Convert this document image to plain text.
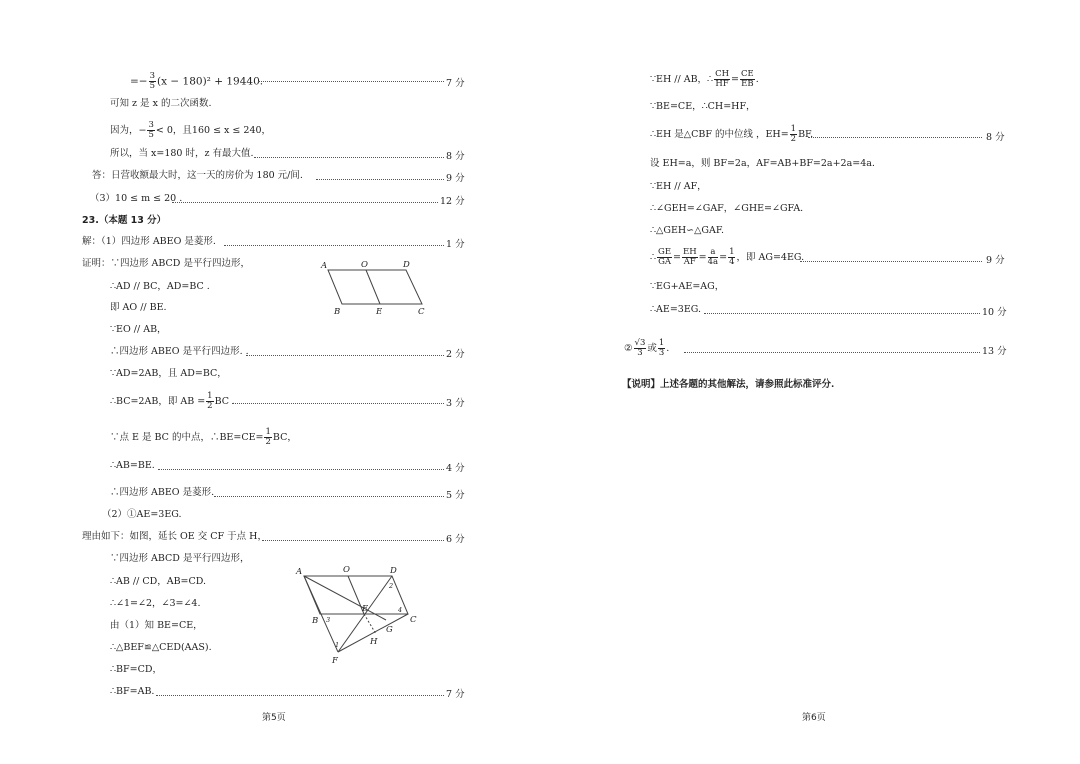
=− $\frac{3}{5} (x - 180)^2 + 19440$.	7 分
可知 z 是 x 的二次函数.
因为，− $\frac{3}{5} < 0$，且160 ≤ x ≤ 240，
所以，当 x=180 时，z 有最大值.	8 分
答：日营收额最大时，这一天的房价为 180 元/间.	9 分
（3）10 ≤ m ≤ 20 .	12 分
23.（本题 13 分）
解：（1）四边形 ABEO 是菱形.	1 分
证明：∵四边形 ABCD 是平行四边形，
∴AD // BC，AD=BC .
即 AO // BE.
∵EO // AB，
∴四边形 ABEO 是平行四边形. .	2 分
∵AD=2AB，且 AD=BC，
∴BC=2AB，即 AB = $\frac{1}{2}$ BC .	3 分
∵点 E 是 BC 的中点，∴BE=CE= $\frac{1}{2}$ BC，
∴AB=BE.	4 分
∴四边形 ABEO 是菱形.	5 分
（2）①AE=3EG.
理由如下：如图，延长 OE 交 CF 于点 H，	6 分
∵四边形 ABCD 是平行四边形，
∴AB // CD，AB=CD.
∴∠1=∠2，∠3=∠4.
由（1）知 BE=CE，
∴△BEF≌△CED(AAS).
∴BF=CD，
∴BF=AB.	7 分
A	O	D
B	E	C
A	O	D
B
E
C
G
H
F
1
2
3
4
第5页
∵EH // AB，∴ $\frac{CH}{HF} = \frac{CE}{EB}$ .
∵BE=CE，∴CH=HF，
∴EH 是△CBF 的中位线 ，$EH= \frac{1}{2}$ BF.	8 分
设 EH=a，则 BF=2a，AF=AB+BF=2a+2a=4a.
∵EH // AF，
∴∠GEH=∠GAF，∠GHE=∠GFA.
∴△GEH∽△GAF.
∴ $\frac{GE}{GA} = \frac{EH}{AF} = \frac{a}{4a} = \frac{1}{4}$ ，即 AG=4EG.	9 分
∵EG+AE=AG，
∴AE=3EG.	10 分
② $\frac{√3}{3}$ 或 $\frac{1}{3}$ .	13 分
【说明】上述各题的其他解法，请参照此标准评分.
第6页
